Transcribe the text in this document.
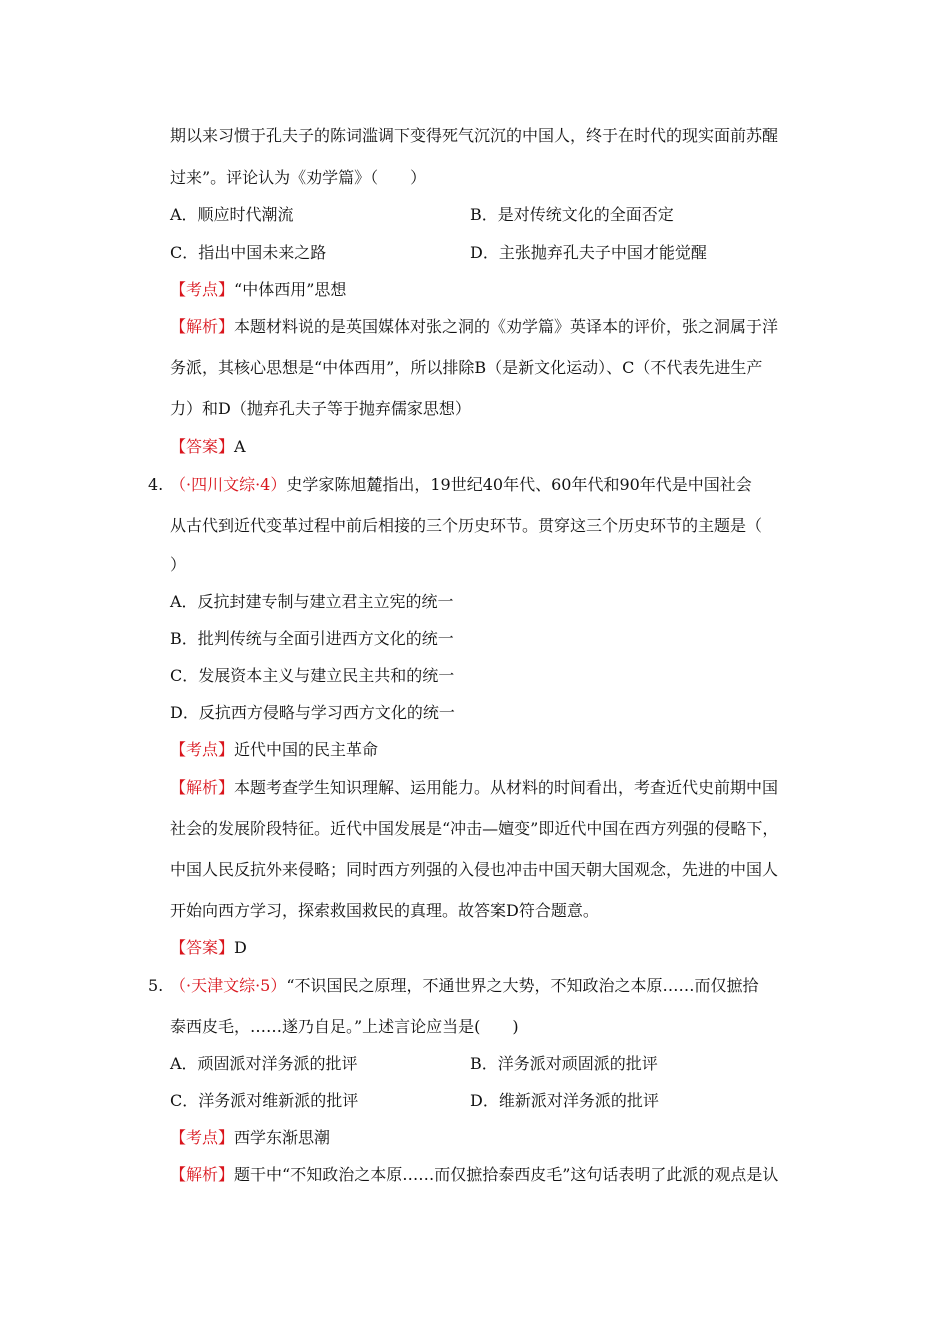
期以来习惯于孔夫子的陈词滥调下变得死气沉沉的中国人，终于在时代的现实面前苏醒
过来”。评论认为《劝学篇》（　　）
A．顺应时代潮流	B．是对传统文化的全面否定
C．指出中国未来之路	D．主张抛弃孔夫子中国才能觉醒
【考点】“中体西用”思想
【解析】本题材料说的是英国媒体对张之洞的《劝学篇》英译本的评价，张之洞属于洋
务派，其核心思想是“中体西用”，所以排除B（是新文化运动）、C（不代表先进生产
力）和D（抛弃孔夫子等于抛弃儒家思想）
【答案】A
4. （·四川文综·4）史学家陈旭麓指出，19世纪40年代、60年代和90年代是中国社会
从古代到近代变革过程中前后相接的三个历史环节。贯穿这三个历史环节的主题是（
）
A．反抗封建专制与建立君主立宪的统一
B．批判传统与全面引进西方文化的统一
C．发展资本主义与建立民主共和的统一
D．反抗西方侵略与学习西方文化的统一
【考点】近代中国的民主革命
【解析】本题考查学生知识理解、运用能力。从材料的时间看出，考查近代史前期中国
社会的发展阶段特征。近代中国发展是“冲击—嬗变”即近代中国在西方列强的侵略下，
中国人民反抗外来侵略；同时西方列强的入侵也冲击中国天朝大国观念，先进的中国人
开始向西方学习，探索救国救民的真理。故答案D符合题意。
【答案】D
5. （·天津文综·5）“不识国民之原理，不通世界之大势，不知政治之本原……而仅摭拾
泰西皮毛，……遂乃自足。”上述言论应当是(　　)
A．顽固派对洋务派的批评	B．洋务派对顽固派的批评
C．洋务派对维新派的批评	D．维新派对洋务派的批评
【考点】西学东渐思潮
【解析】题干中“不知政治之本原……而仅摭拾泰西皮毛”这句话表明了此派的观点是认
